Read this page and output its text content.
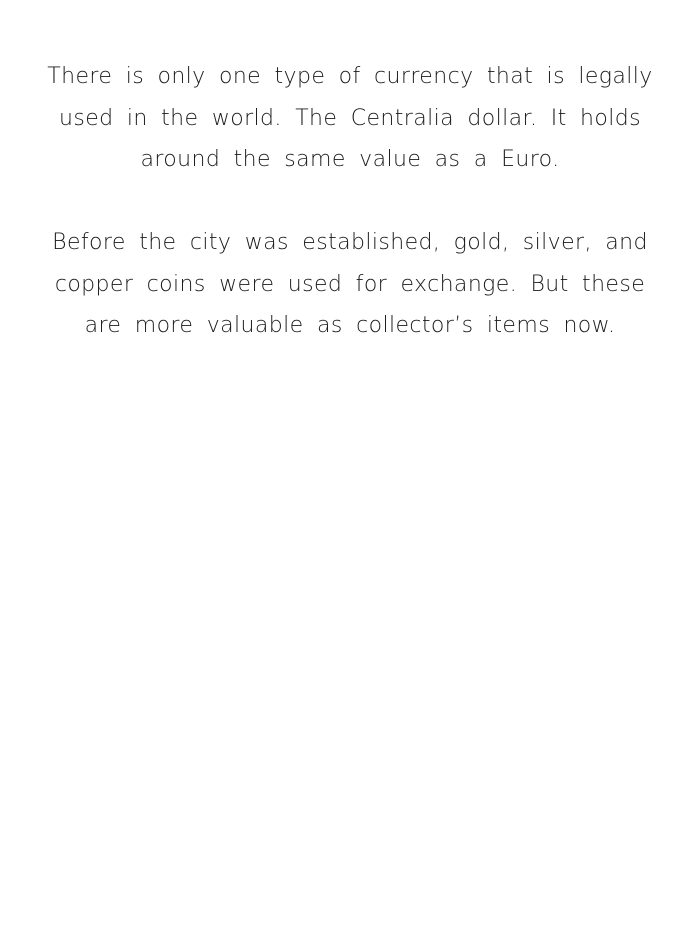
There is only one type of currency that is legally
used in the world. The Centralia dollar. It holds
around the same value as a Euro.

Before the city was established, gold, silver, and
copper coins were used for exchange. But these
are more valuable as collector’s items now.
